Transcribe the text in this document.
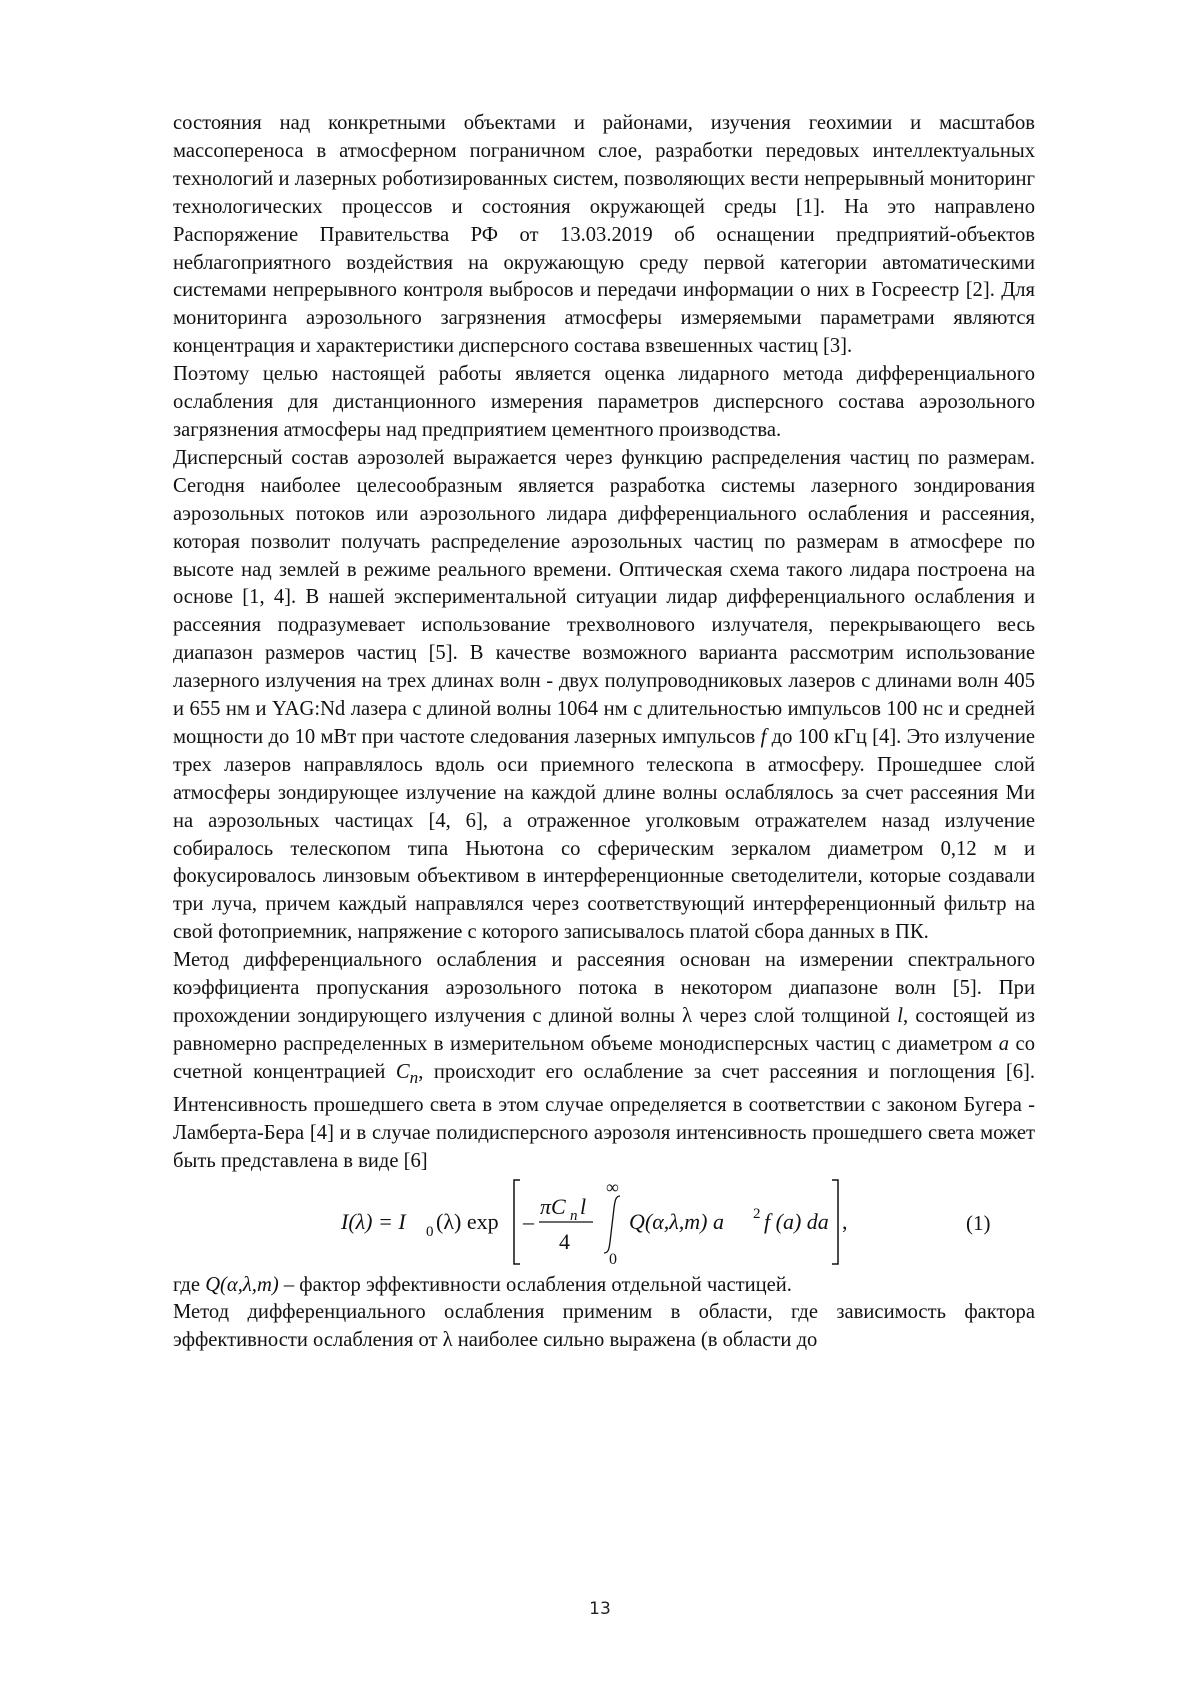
состояния над конкретными объектами и районами, изучения геохимии и масштабов массопереноса в атмосферном пограничном слое, разработки передовых интеллектуальных технологий и лазерных роботизированных систем, позволяющих вести непрерывный мониторинг технологических процессов и состояния окружающей среды [1]. На это направлено Распоряжение Правительства РФ от 13.03.2019 об оснащении предприятий-объектов неблагоприятного воздействия на окружающую среду первой категории автоматическими системами непрерывного контроля выбросов и передачи информации о них в Госреестр [2]. Для мониторинга аэрозольного загрязнения атмосферы измеряемыми параметрами являются концентрация и характеристики дисперсного состава взвешенных частиц [3].

Поэтому целью настоящей работы является оценка лидарного метода дифференциального ослабления для дистанционного измерения параметров дисперсного состава аэрозольного загрязнения атмосферы над предприятием цементного производства.

Дисперсный состав аэрозолей выражается через функцию распределения частиц по размерам. Сегодня наиболее целесообразным является разработка системы лазерного зондирования аэрозольных потоков или аэрозольного лидара дифференциального ослабления и рассеяния, которая позволит получать распределение аэрозольных частиц по размерам в атмосфере по высоте над землей в режиме реального времени. Оптическая схема такого лидара построена на основе [1, 4]. В нашей экспериментальной ситуации лидар дифференциального ослабления и рассеяния подразумевает использование трехволнового излучателя, перекрывающего весь диапазон размеров частиц [5]. В качестве возможного варианта рассмотрим использование лазерного излучения на трех длинах волн - двух полупроводниковых лазеров с длинами волн 405 и 655 нм и YAG:Nd лазера с длиной волны 1064 нм с длительностью импульсов 100 нс и средней мощности до 10 мВт при частоте следования лазерных импульсов f до 100 кГц [4]. Это излучение трех лазеров направлялось вдоль оси приемного телескопа в атмосферу. Прошедшее слой атмосферы зондирующее излучение на каждой длине волны ослаблялось за счет рассеяния Ми на аэрозольных частицах [4, 6], а отраженное уголковым отражателем назад излучение собиралось телескопом типа Ньютона со сферическим зеркалом диаметром 0,12 м и фокусировалось линзовым объективом в интерференционные светоделители, которые создавали три луча, причем каждый направлялся через соответствующий интерференционный фильтр на свой фотоприемник, напряжение с которого записывалось платой сбора данных в ПК.

Метод дифференциального ослабления и рассеяния основан на измерении спектрального коэффициента пропускания аэрозольного потока в некотором диапазоне волн [5]. При прохождении зондирующего излучения с длиной волны λ через слой толщиной l, состоящей из равномерно распределенных в измерительном объеме монодисперсных частиц с диаметром a со счетной концентрацией Cn, происходит его ослабление за счет рассеяния и поглощения [6]. Интенсивность прошедшего света в этом случае определяется в соответствии с законом Бугера - Ламберта-Бера [4] и в случае полидисперсного аэрозоля интенсивность прошедшего света может быть представлена в виде [6]

I(λ) = I 0 (λ) exp –
πC n l
4
∞
0
Q(α,λ,m) a 2 f (a) da ,	(1)

где Q(α,λ,m) – фактор эффективности ослабления отдельной частицей.

Метод дифференциального ослабления применим в области, где зависимость фактора эффективности ослабления от λ наиболее сильно выражена (в области до

13
